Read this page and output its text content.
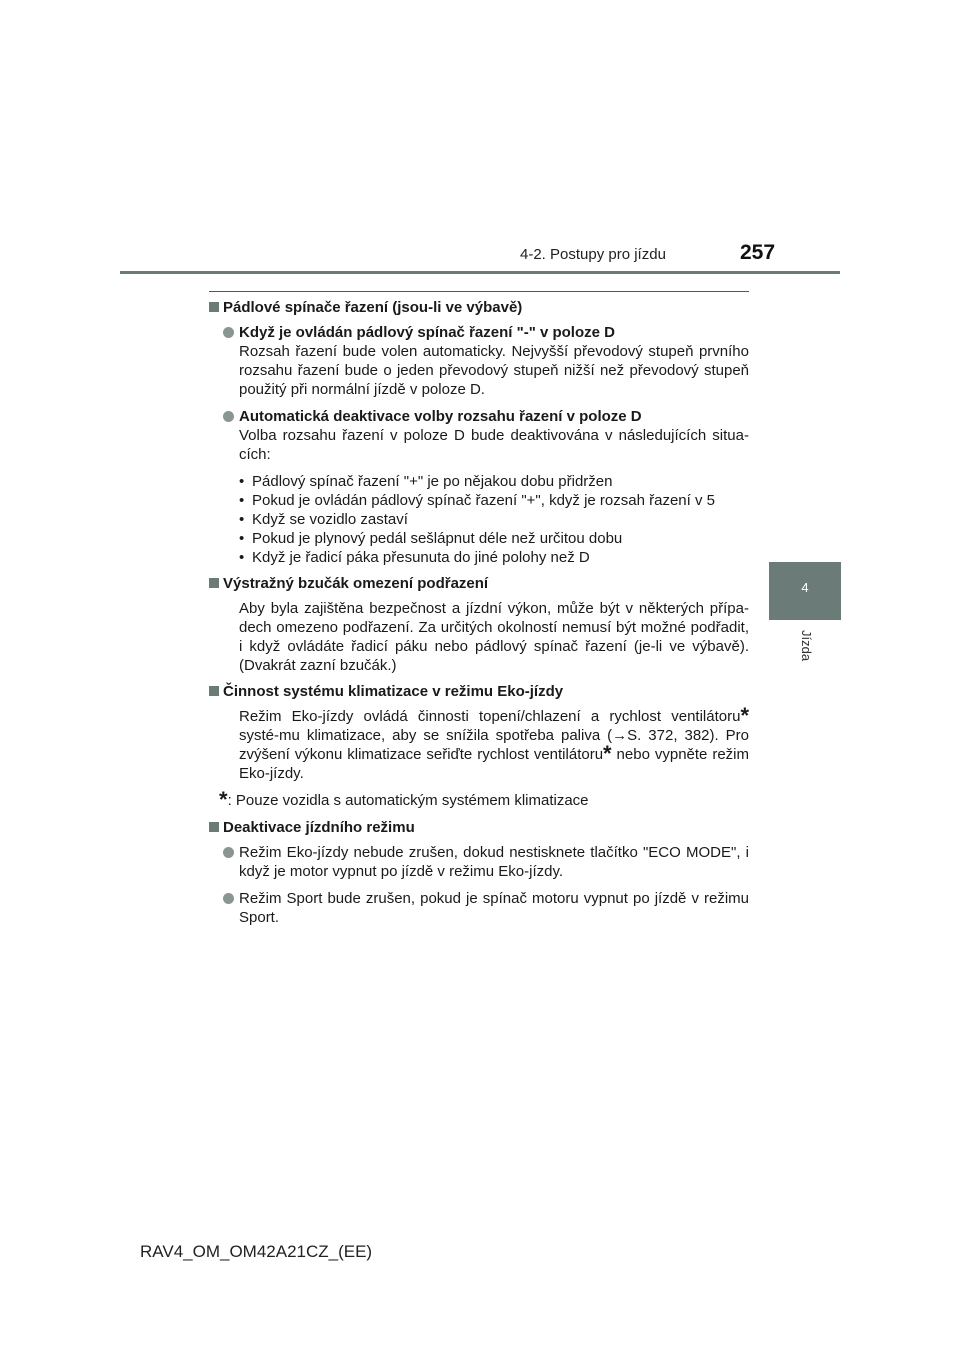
4-2. Postupy pro jízdu	257
4
Jízda
Pádlové spínače řazení (jsou-li ve výbavě)
Když je ovládán pádlový spínač řazení "-" v poloze D
Rozsah řazení bude volen automaticky. Nejvyšší převodový stupeň prvního rozsahu řazení bude o jeden převodový stupeň nižší než převodový stupeň použitý při normální jízdě v poloze D.
Automatická deaktivace volby rozsahu řazení v poloze D
Volba rozsahu řazení v poloze D bude deaktivována v následujících situa-cích:
• Pádlový spínač řazení "+" je po nějakou dobu přidržen
• Pokud je ovládán pádlový spínač řazení "+", když je rozsah řazení v 5
• Když se vozidlo zastaví
• Pokud je plynový pedál sešlápnut déle než určitou dobu
• Když je řadicí páka přesunuta do jiné polohy než D
Výstražný bzučák omezení podřazení
Aby byla zajištěna bezpečnost a jízdní výkon, může být v některých přípa-dech omezeno podřazení. Za určitých okolností nemusí být možné podřadit, i když ovládáte řadicí páku nebo pádlový spínač řazení (je-li ve výbavě). (Dvakrát zazní bzučák.)
Činnost systému klimatizace v režimu Eko-jízdy
Režim Eko-jízdy ovládá činnosti topení/chlazení a rychlost ventilátoru* systé-mu klimatizace, aby se snížila spotřeba paliva (→S. 372, 382). Pro zvýšení výkonu klimatizace seřiďte rychlost ventilátoru* nebo vypněte režim Eko-jízdy.
*: Pouze vozidla s automatickým systémem klimatizace
Deaktivace jízdního režimu
Režim Eko-jízdy nebude zrušen, dokud nestisknete tlačítko "ECO MODE", i když je motor vypnut po jízdě v režimu Eko-jízdy.
Režim Sport bude zrušen, pokud je spínač motoru vypnut po jízdě v režimu Sport.
RAV4_OM_OM42A21CZ_(EE)
